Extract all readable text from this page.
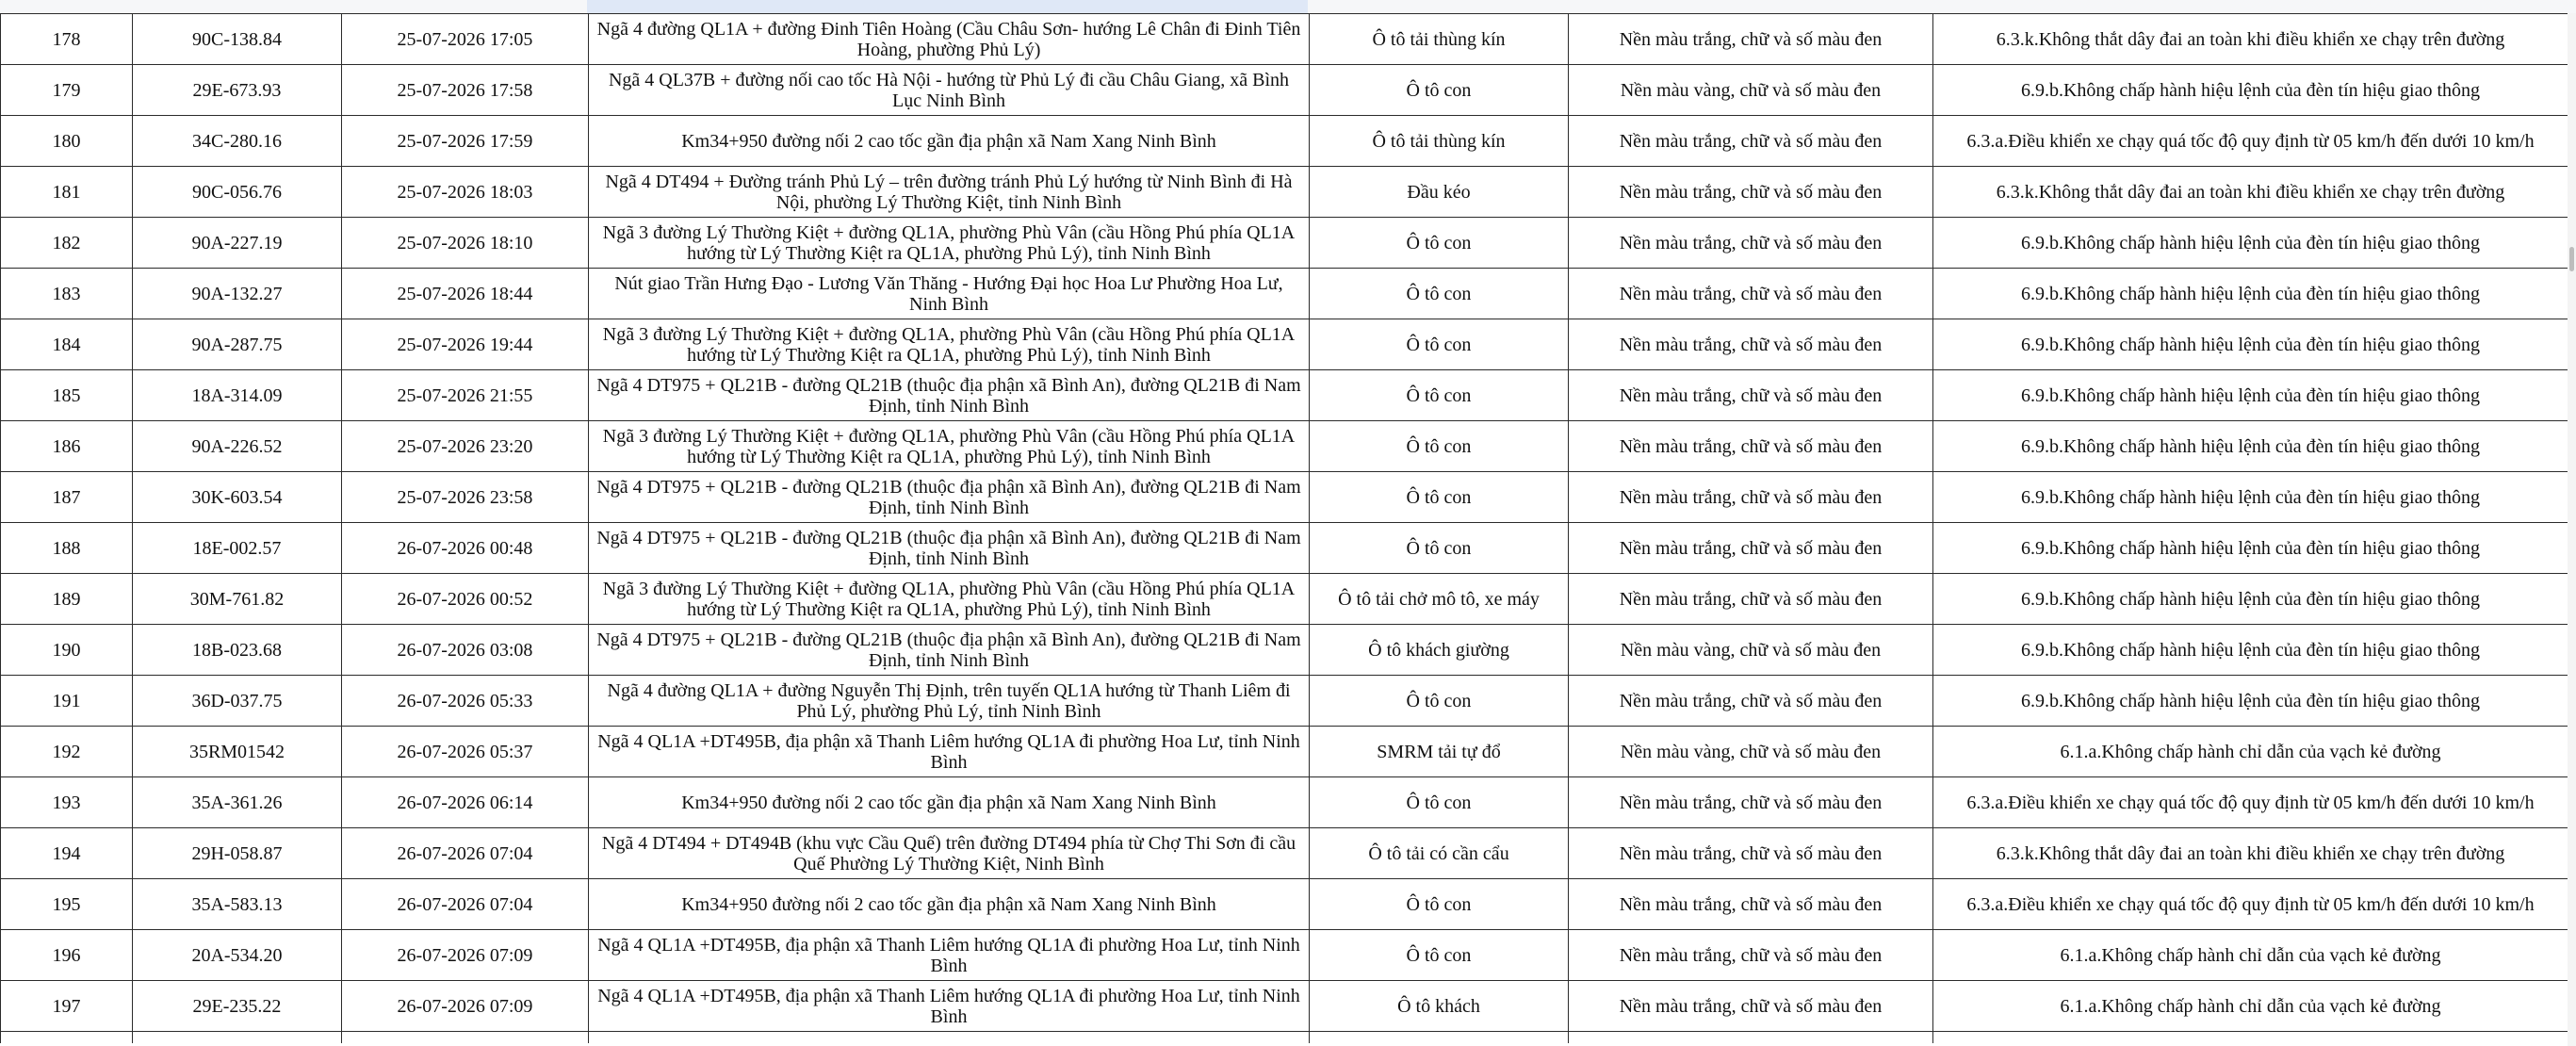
178	90C-138.84	25-07-2026 17:05	Ngã 4 đường QL1A + đường Đinh Tiên Hoàng (Cầu Châu Sơn- hướng Lê Chân đi Đinh Tiên Hoàng, phường Phủ Lý)	Ô tô tải thùng kín	Nền màu trắng, chữ và số màu đen	6.3.k.Không thắt dây đai an toàn khi điều khiển xe chạy trên đường
179	29E-673.93	25-07-2026 17:58	Ngã 4 QL37B + đường nối cao tốc Hà Nội - hướng từ Phủ Lý đi cầu Châu Giang, xã Bình Lục Ninh Bình	Ô tô con	Nền màu vàng, chữ và số màu đen	6.9.b.Không chấp hành hiệu lệnh của đèn tín hiệu giao thông
180	34C-280.16	25-07-2026 17:59	Km34+950 đường nối 2 cao tốc gần địa phận xã Nam Xang Ninh Bình	Ô tô tải thùng kín	Nền màu trắng, chữ và số màu đen	6.3.a.Điều khiển xe chạy quá tốc độ quy định từ 05 km/h đến dưới 10 km/h
181	90C-056.76	25-07-2026 18:03	Ngã 4 DT494 + Đường tránh Phủ Lý – trên đường tránh Phủ Lý hướng từ Ninh Bình đi Hà Nội, phường Lý Thường Kiệt, tỉnh Ninh Bình	Đầu kéo	Nền màu trắng, chữ và số màu đen	6.3.k.Không thắt dây đai an toàn khi điều khiển xe chạy trên đường
182	90A-227.19	25-07-2026 18:10	Ngã 3 đường Lý Thường Kiệt + đường QL1A, phường Phù Vân (cầu Hồng Phú phía QL1A hướng từ Lý Thường Kiệt ra QL1A, phường Phủ Lý), tỉnh Ninh Bình	Ô tô con	Nền màu trắng, chữ và số màu đen	6.9.b.Không chấp hành hiệu lệnh của đèn tín hiệu giao thông
183	90A-132.27	25-07-2026 18:44	Nút giao Trần Hưng Đạo - Lương Văn Thăng - Hướng Đại học Hoa Lư Phường Hoa Lư, Ninh Bình	Ô tô con	Nền màu trắng, chữ và số màu đen	6.9.b.Không chấp hành hiệu lệnh của đèn tín hiệu giao thông
184	90A-287.75	25-07-2026 19:44	Ngã 3 đường Lý Thường Kiệt + đường QL1A, phường Phù Vân (cầu Hồng Phú phía QL1A hướng từ Lý Thường Kiệt ra QL1A, phường Phủ Lý), tỉnh Ninh Bình	Ô tô con	Nền màu trắng, chữ và số màu đen	6.9.b.Không chấp hành hiệu lệnh của đèn tín hiệu giao thông
185	18A-314.09	25-07-2026 21:55	Ngã 4 DT975 + QL21B - đường QL21B (thuộc địa phận xã Bình An), đường QL21B đi Nam Định, tỉnh Ninh Bình	Ô tô con	Nền màu trắng, chữ và số màu đen	6.9.b.Không chấp hành hiệu lệnh của đèn tín hiệu giao thông
186	90A-226.52	25-07-2026 23:20	Ngã 3 đường Lý Thường Kiệt + đường QL1A, phường Phù Vân (cầu Hồng Phú phía QL1A hướng từ Lý Thường Kiệt ra QL1A, phường Phủ Lý), tỉnh Ninh Bình	Ô tô con	Nền màu trắng, chữ và số màu đen	6.9.b.Không chấp hành hiệu lệnh của đèn tín hiệu giao thông
187	30K-603.54	25-07-2026 23:58	Ngã 4 DT975 + QL21B - đường QL21B (thuộc địa phận xã Bình An), đường QL21B đi Nam Định, tỉnh Ninh Bình	Ô tô con	Nền màu trắng, chữ và số màu đen	6.9.b.Không chấp hành hiệu lệnh của đèn tín hiệu giao thông
188	18E-002.57	26-07-2026 00:48	Ngã 4 DT975 + QL21B - đường QL21B (thuộc địa phận xã Bình An), đường QL21B đi Nam Định, tỉnh Ninh Bình	Ô tô con	Nền màu trắng, chữ và số màu đen	6.9.b.Không chấp hành hiệu lệnh của đèn tín hiệu giao thông
189	30M-761.82	26-07-2026 00:52	Ngã 3 đường Lý Thường Kiệt + đường QL1A, phường Phù Vân (cầu Hồng Phú phía QL1A hướng từ Lý Thường Kiệt ra QL1A, phường Phủ Lý), tỉnh Ninh Bình	Ô tô tải chở mô tô, xe máy	Nền màu trắng, chữ và số màu đen	6.9.b.Không chấp hành hiệu lệnh của đèn tín hiệu giao thông
190	18B-023.68	26-07-2026 03:08	Ngã 4 DT975 + QL21B - đường QL21B (thuộc địa phận xã Bình An), đường QL21B đi Nam Định, tỉnh Ninh Bình	Ô tô khách giường	Nền màu vàng, chữ và số màu đen	6.9.b.Không chấp hành hiệu lệnh của đèn tín hiệu giao thông
191	36D-037.75	26-07-2026 05:33	Ngã 4 đường QL1A + đường Nguyễn Thị Định, trên tuyến QL1A hướng từ Thanh Liêm đi Phủ Lý, phường Phủ Lý, tỉnh Ninh Bình	Ô tô con	Nền màu trắng, chữ và số màu đen	6.9.b.Không chấp hành hiệu lệnh của đèn tín hiệu giao thông
192	35RM01542	26-07-2026 05:37	Ngã 4 QL1A +DT495B, địa phận xã Thanh Liêm hướng QL1A đi phường Hoa Lư, tỉnh Ninh Bình	SMRM tải tự đổ	Nền màu vàng, chữ và số màu đen	6.1.a.Không chấp hành chỉ dẫn của vạch kẻ đường
193	35A-361.26	26-07-2026 06:14	Km34+950 đường nối 2 cao tốc gần địa phận xã Nam Xang Ninh Bình	Ô tô con	Nền màu trắng, chữ và số màu đen	6.3.a.Điều khiển xe chạy quá tốc độ quy định từ 05 km/h đến dưới 10 km/h
194	29H-058.87	26-07-2026 07:04	Ngã 4 DT494 + DT494B (khu vực Cầu Quế) trên đường DT494 phía từ Chợ Thi Sơn đi cầu Quế Phường Lý Thường Kiệt, Ninh Bình	Ô tô tải có cần cẩu	Nền màu trắng, chữ và số màu đen	6.3.k.Không thắt dây đai an toàn khi điều khiển xe chạy trên đường
195	35A-583.13	26-07-2026 07:04	Km34+950 đường nối 2 cao tốc gần địa phận xã Nam Xang Ninh Bình	Ô tô con	Nền màu trắng, chữ và số màu đen	6.3.a.Điều khiển xe chạy quá tốc độ quy định từ 05 km/h đến dưới 10 km/h
196	20A-534.20	26-07-2026 07:09	Ngã 4 QL1A +DT495B, địa phận xã Thanh Liêm hướng QL1A đi phường Hoa Lư, tỉnh Ninh Bình	Ô tô con	Nền màu trắng, chữ và số màu đen	6.1.a.Không chấp hành chỉ dẫn của vạch kẻ đường
197	29E-235.22	26-07-2026 07:09	Ngã 4 QL1A +DT495B, địa phận xã Thanh Liêm hướng QL1A đi phường Hoa Lư, tỉnh Ninh Bình	Ô tô khách	Nền màu trắng, chữ và số màu đen	6.1.a.Không chấp hành chỉ dẫn của vạch kẻ đường
